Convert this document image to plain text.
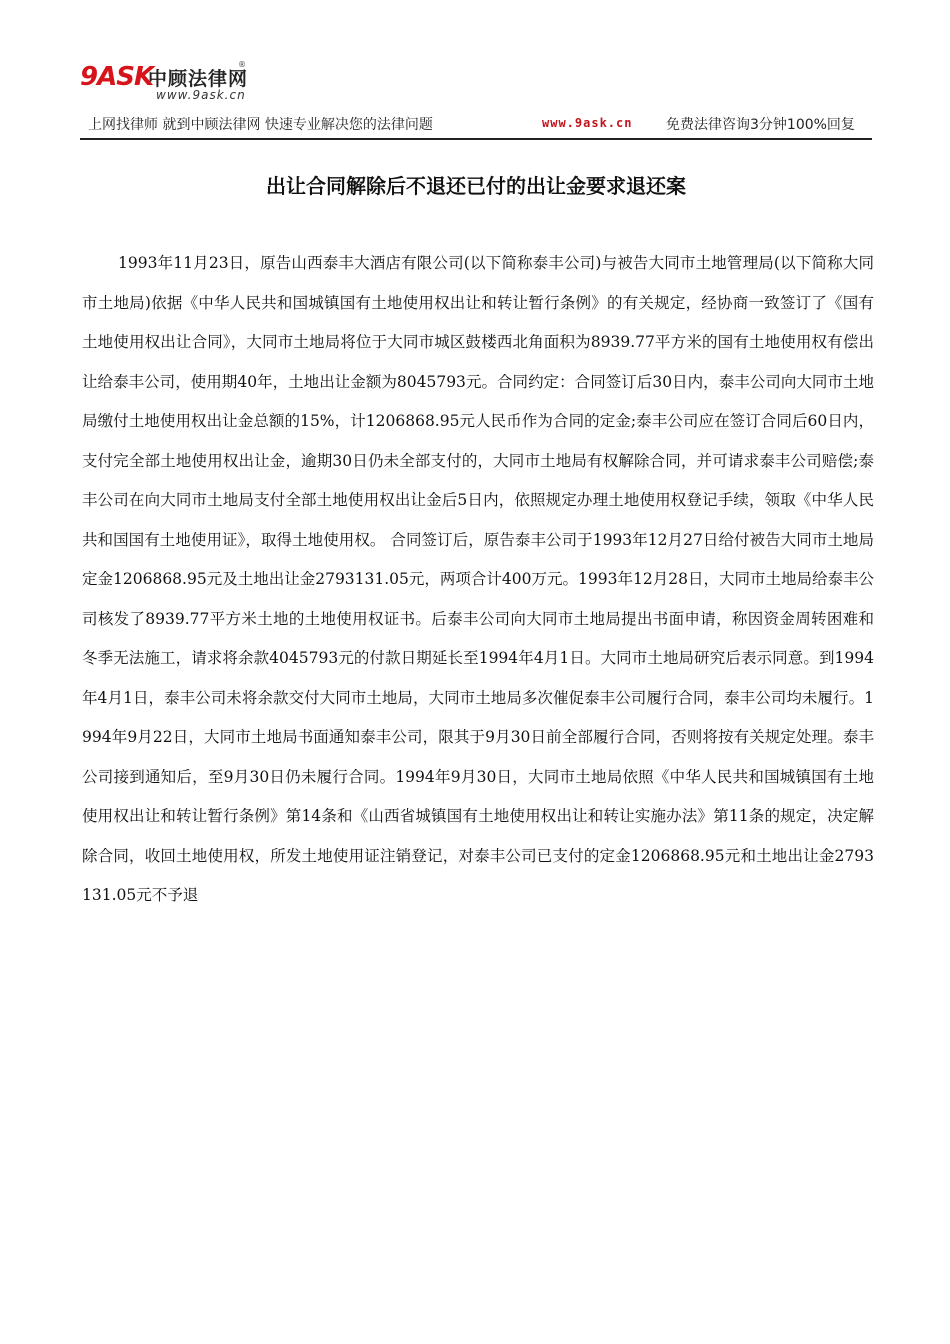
9ASK
中顾法律网
®
www.9ask.cn
上网找律师 就到中顾法律网 快速专业解决您的法律问题	www.9ask.cn 免费法律咨询3分钟100%回复
出让合同解除后不退还已付的出让金要求退还案

1993年11月23日，原告山西泰丰大酒店有限公司(以下简称泰丰公司)与被告大同市土地管理局(以下简称大同市土地局)依据《中华人民共和国城镇国有土地使用权出让和转让暂行条例》的有关规定，经协商一致签订了《国有土地使用权出让合同》，大同市土地局将位于大同市城区鼓楼西北角面积为8939.77平方米的国有土地使用权有偿出让给泰丰公司，使用期40年，土地出让金额为8045793元。合同约定：合同签订后30日内，泰丰公司向大同市土地局缴付土地使用权出让金总额的15%，计1206868.95元人民币作为合同的定金;泰丰公司应在签订合同后60日内，支付完全部土地使用权出让金，逾期30日仍未全部支付的，大同市土地局有权解除合同，并可请求泰丰公司赔偿;泰丰公司在向大同市土地局支付全部土地使用权出让金后5日内，依照规定办理土地使用权登记手续，领取《中华人民共和国国有土地使用证》，取得土地使用权。 合同签订后，原告泰丰公司于1993年12月27日给付被告大同市土地局定金1206868.95元及土地出让金2793131.05元，两项合计400万元。1993年12月28日，大同市土地局给泰丰公司核发了8939.77平方米土地的土地使用权证书。后泰丰公司向大同市土地局提出书面申请，称因资金周转困难和冬季无法施工，请求将余款4045793元的付款日期延长至1994年4月1日。大同市土地局研究后表示同意。到1994年4月1日，泰丰公司未将余款交付大同市土地局，大同市土地局多次催促泰丰公司履行合同，泰丰公司均未履行。1994年9月22日，大同市土地局书面通知泰丰公司，限其于9月30日前全部履行合同，否则将按有关规定处理。泰丰公司接到通知后，至9月30日仍未履行合同。1994年9月30日，大同市土地局依照《中华人民共和国城镇国有土地使用权出让和转让暂行条例》第14条和《山西省城镇国有土地使用权出让和转让实施办法》第11条的规定，决定解除合同，收回土地使用权，所发土地使用证注销登记，对泰丰公司已支付的定金1206868.95元和土地出让金2793131.05元不予退
